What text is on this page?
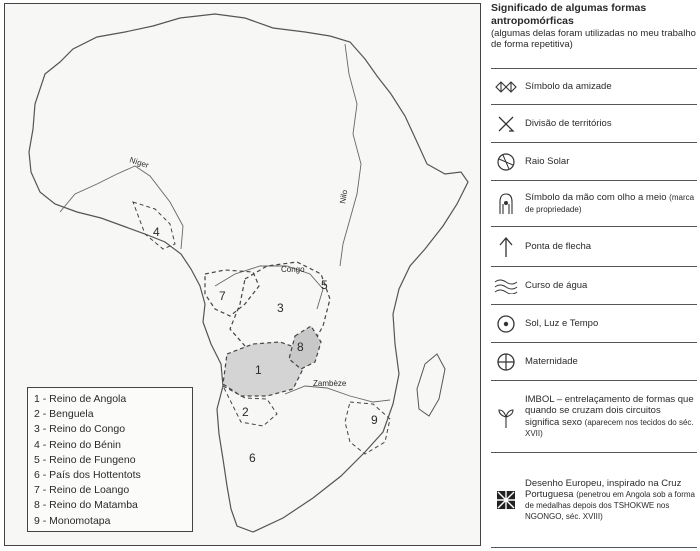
Níger
Nilo
Congo
Zambèze
1
2
3
4
5
6
7
8
9
1 - Reino de Angola
2 - Benguela
3 - Reino do Congo
4 - Reino do Bénin
5 - Reino de Fungeno
6 - País dos Hottentots
7 - Reino de Loango
8 - Reino do Matamba
9 - Monomotapa
Significado de algumas formas antropomórficas
(algumas delas foram utilizadas no meu trabalho de forma repetitiva)
Símbolo da amizade
Divisão de territórios
Raio Solar
Símbolo da mão com olho a meio (marca de propriedade)
Ponta de flecha
Curso de água
Sol, Luz e Tempo
Maternidade
IMBOL – entrelaçamento de formas que quando se cruzam dois circuitos significa sexo (aparecem nos tecidos do séc. XVII)
Desenho Europeu, inspirado na Cruz Portuguesa (penetrou em Angola sob a forma de medalhas depois dos TSHOKWE nos NGONGO, séc. XVIII)
